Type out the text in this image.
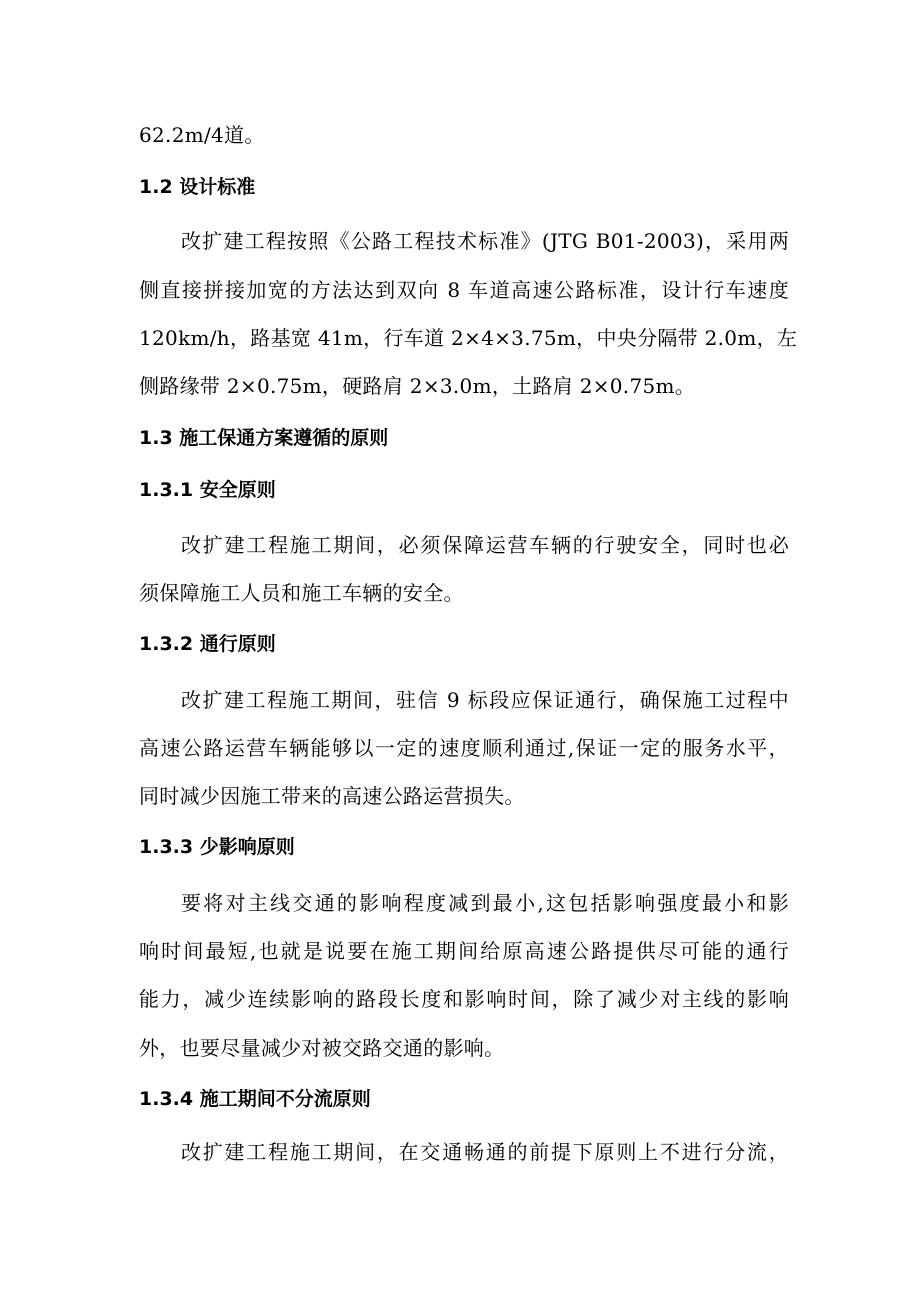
62.2m/4道。
1.2 设计标准
改扩建工程按照《公路工程技术标准》(JTG B01-2003)，采用两
侧直接拼接加宽的方法达到双向 8 车道高速公路标准，设计行车速度
120km/h，路基宽 41m，行车道 2×4×3.75m，中央分隔带 2.0m，左
侧路缘带 2×0.75m，硬路肩 2×3.0m，土路肩 2×0.75m。
1.3 施工保通方案遵循的原则
1.3.1 安全原则
改扩建工程施工期间，必须保障运营车辆的行驶安全，同时也必
须保障施工人员和施工车辆的安全。
1.3.2 通行原则
改扩建工程施工期间，驻信 9 标段应保证通行，确保施工过程中
高速公路运营车辆能够以一定的速度顺利通过,保证一定的服务水平，
同时减少因施工带来的高速公路运营损失。
1.3.3 少影响原则
要将对主线交通的影响程度减到最小,这包括影响强度最小和影
响时间最短,也就是说要在施工期间给原高速公路提供尽可能的通行
能力，减少连续影响的路段长度和影响时间，除了减少对主线的影响
外，也要尽量减少对被交路交通的影响。
1.3.4 施工期间不分流原则
改扩建工程施工期间，在交通畅通的前提下原则上不进行分流，
